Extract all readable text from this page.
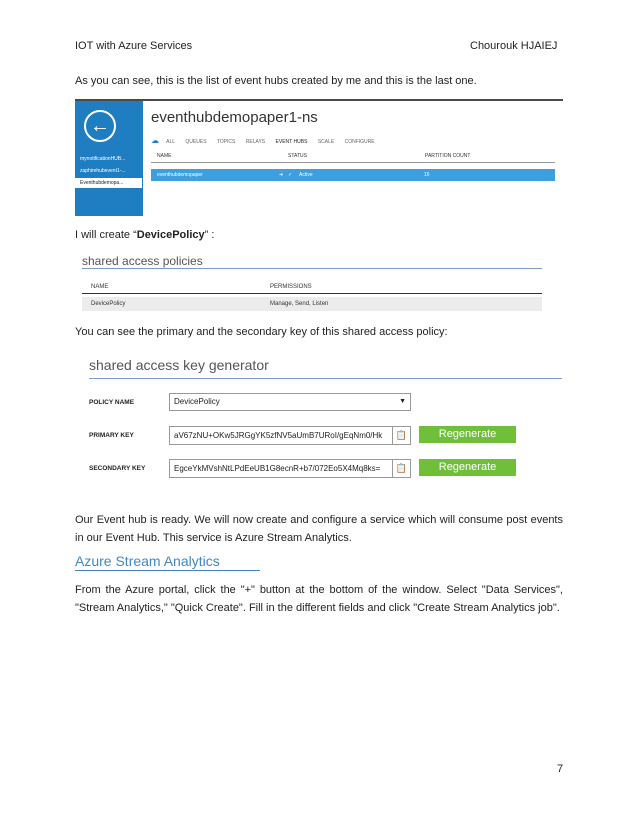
IOT with Azure Services	Chourouk HJAIEJ
As you can see, this is the list of event hubs created by me and this is the last one.
←
mynotificationHUB...
zaphirehubevent1-...
Eventhubdemopa...
eventhubdemopaper1-ns
☁ ALL QUEUES TOPICS RELAYS EVENT HUBS SCALE CONFIGURE
NAME	STATUS	PARTITION COUNT
eventhubdemopaper	➜ ✓ Active	16
I will create “DevicePolicy” :
shared access policies
NAME	PERMISSIONS
DevicePolicy	Manage, Send, Listen
You can see the primary and the secondary key of this shared access policy:
shared access key generator
POLICY NAME	DevicePolicy	▼
PRIMARY KEY	aV67zNU+OKw5JRGgYK5zfNV5aUmB7URoI/gEqNm0/Hk	📋	Regenerate
SECONDARY KEY	EgceYkMVshNtLPdEeUB1G8ecnR+b7/072Eo5X4Mq8ks=	📋	Regenerate
Our Event hub is ready. We will now create and configure a service which will consume post events in our Event Hub. This service is Azure Stream Analytics.
Azure Stream Analytics
From the Azure portal, click the "+" button at the bottom of the window. Select "Data Services", "Stream Analytics," "Quick Create". Fill in the different fields and click "Create Stream Analytics job".
7
